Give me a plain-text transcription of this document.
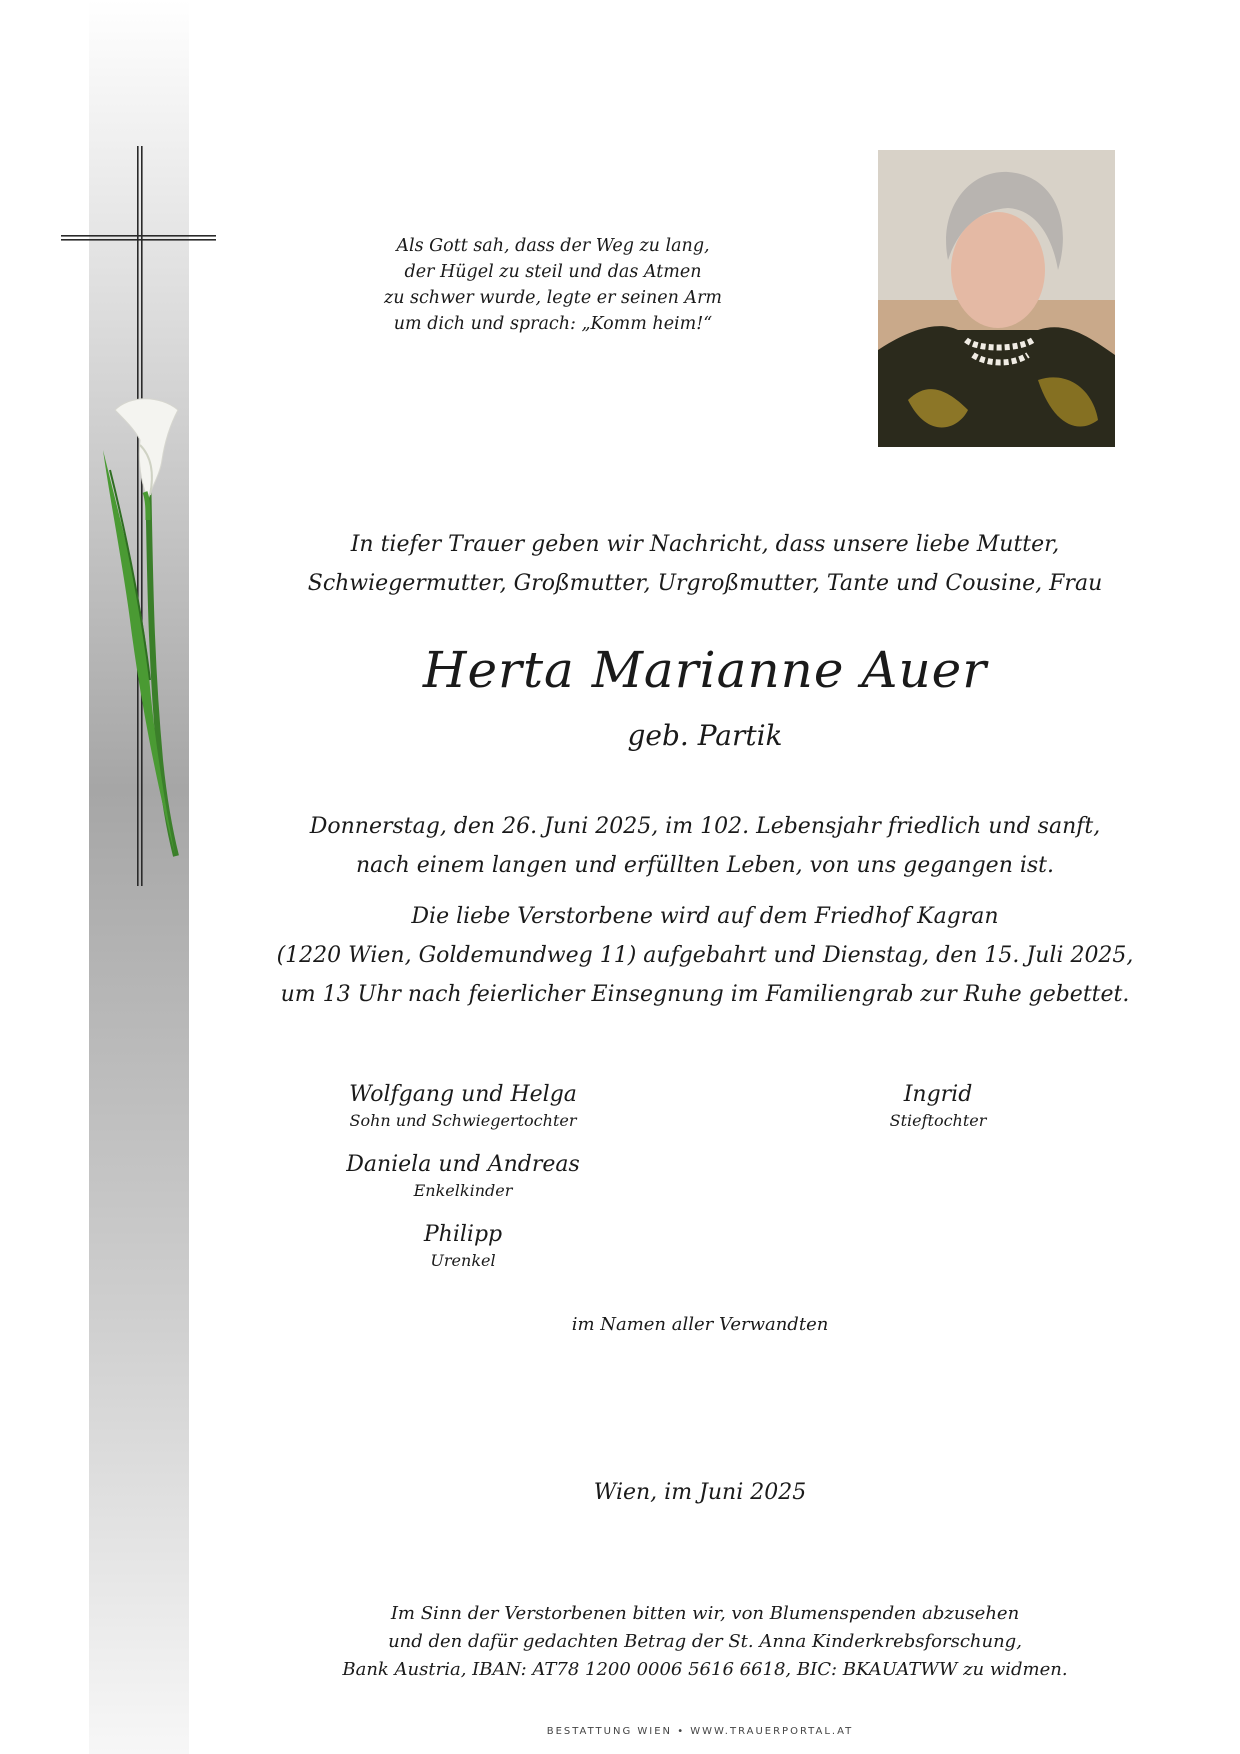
Als Gott sah, dass der Weg zu lang,
der Hügel zu steil und das Atmen
zu schwer wurde, legte er seinen Arm
um dich und sprach: „Komm heim!“
In tiefer Trauer geben wir Nachricht, dass unsere liebe Mutter,
Schwiegermutter, Großmutter, Urgroßmutter, Tante und Cousine, Frau
Herta Marianne Auer
geb. Partik
Donnerstag, den 26. Juni 2025, im 102. Lebensjahr friedlich und sanft,
nach einem langen und erfüllten Leben, von uns gegangen ist.
Die liebe Verstorbene wird auf dem Friedhof Kagran
(1220 Wien, Goldemundweg 11) aufgebahrt und Dienstag, den 15. Juli 2025,
um 13 Uhr nach feierlicher Einsegnung im Familiengrab zur Ruhe gebettet.
Wolfgang und Helga
Sohn und Schwiegertochter
Daniela und Andreas
Enkelkinder
Philipp
Urenkel
Ingrid
Stieftochter
im Namen aller Verwandten
Wien, im Juni 2025
Im Sinn der Verstorbenen bitten wir, von Blumenspenden abzusehen
und den dafür gedachten Betrag der St. Anna Kinderkrebsforschung,
Bank Austria, IBAN: AT78 1200 0006 5616 6618, BIC: BKAUATWW zu widmen.
BESTATTUNG WIEN • WWW.TRAUERPORTAL.AT
